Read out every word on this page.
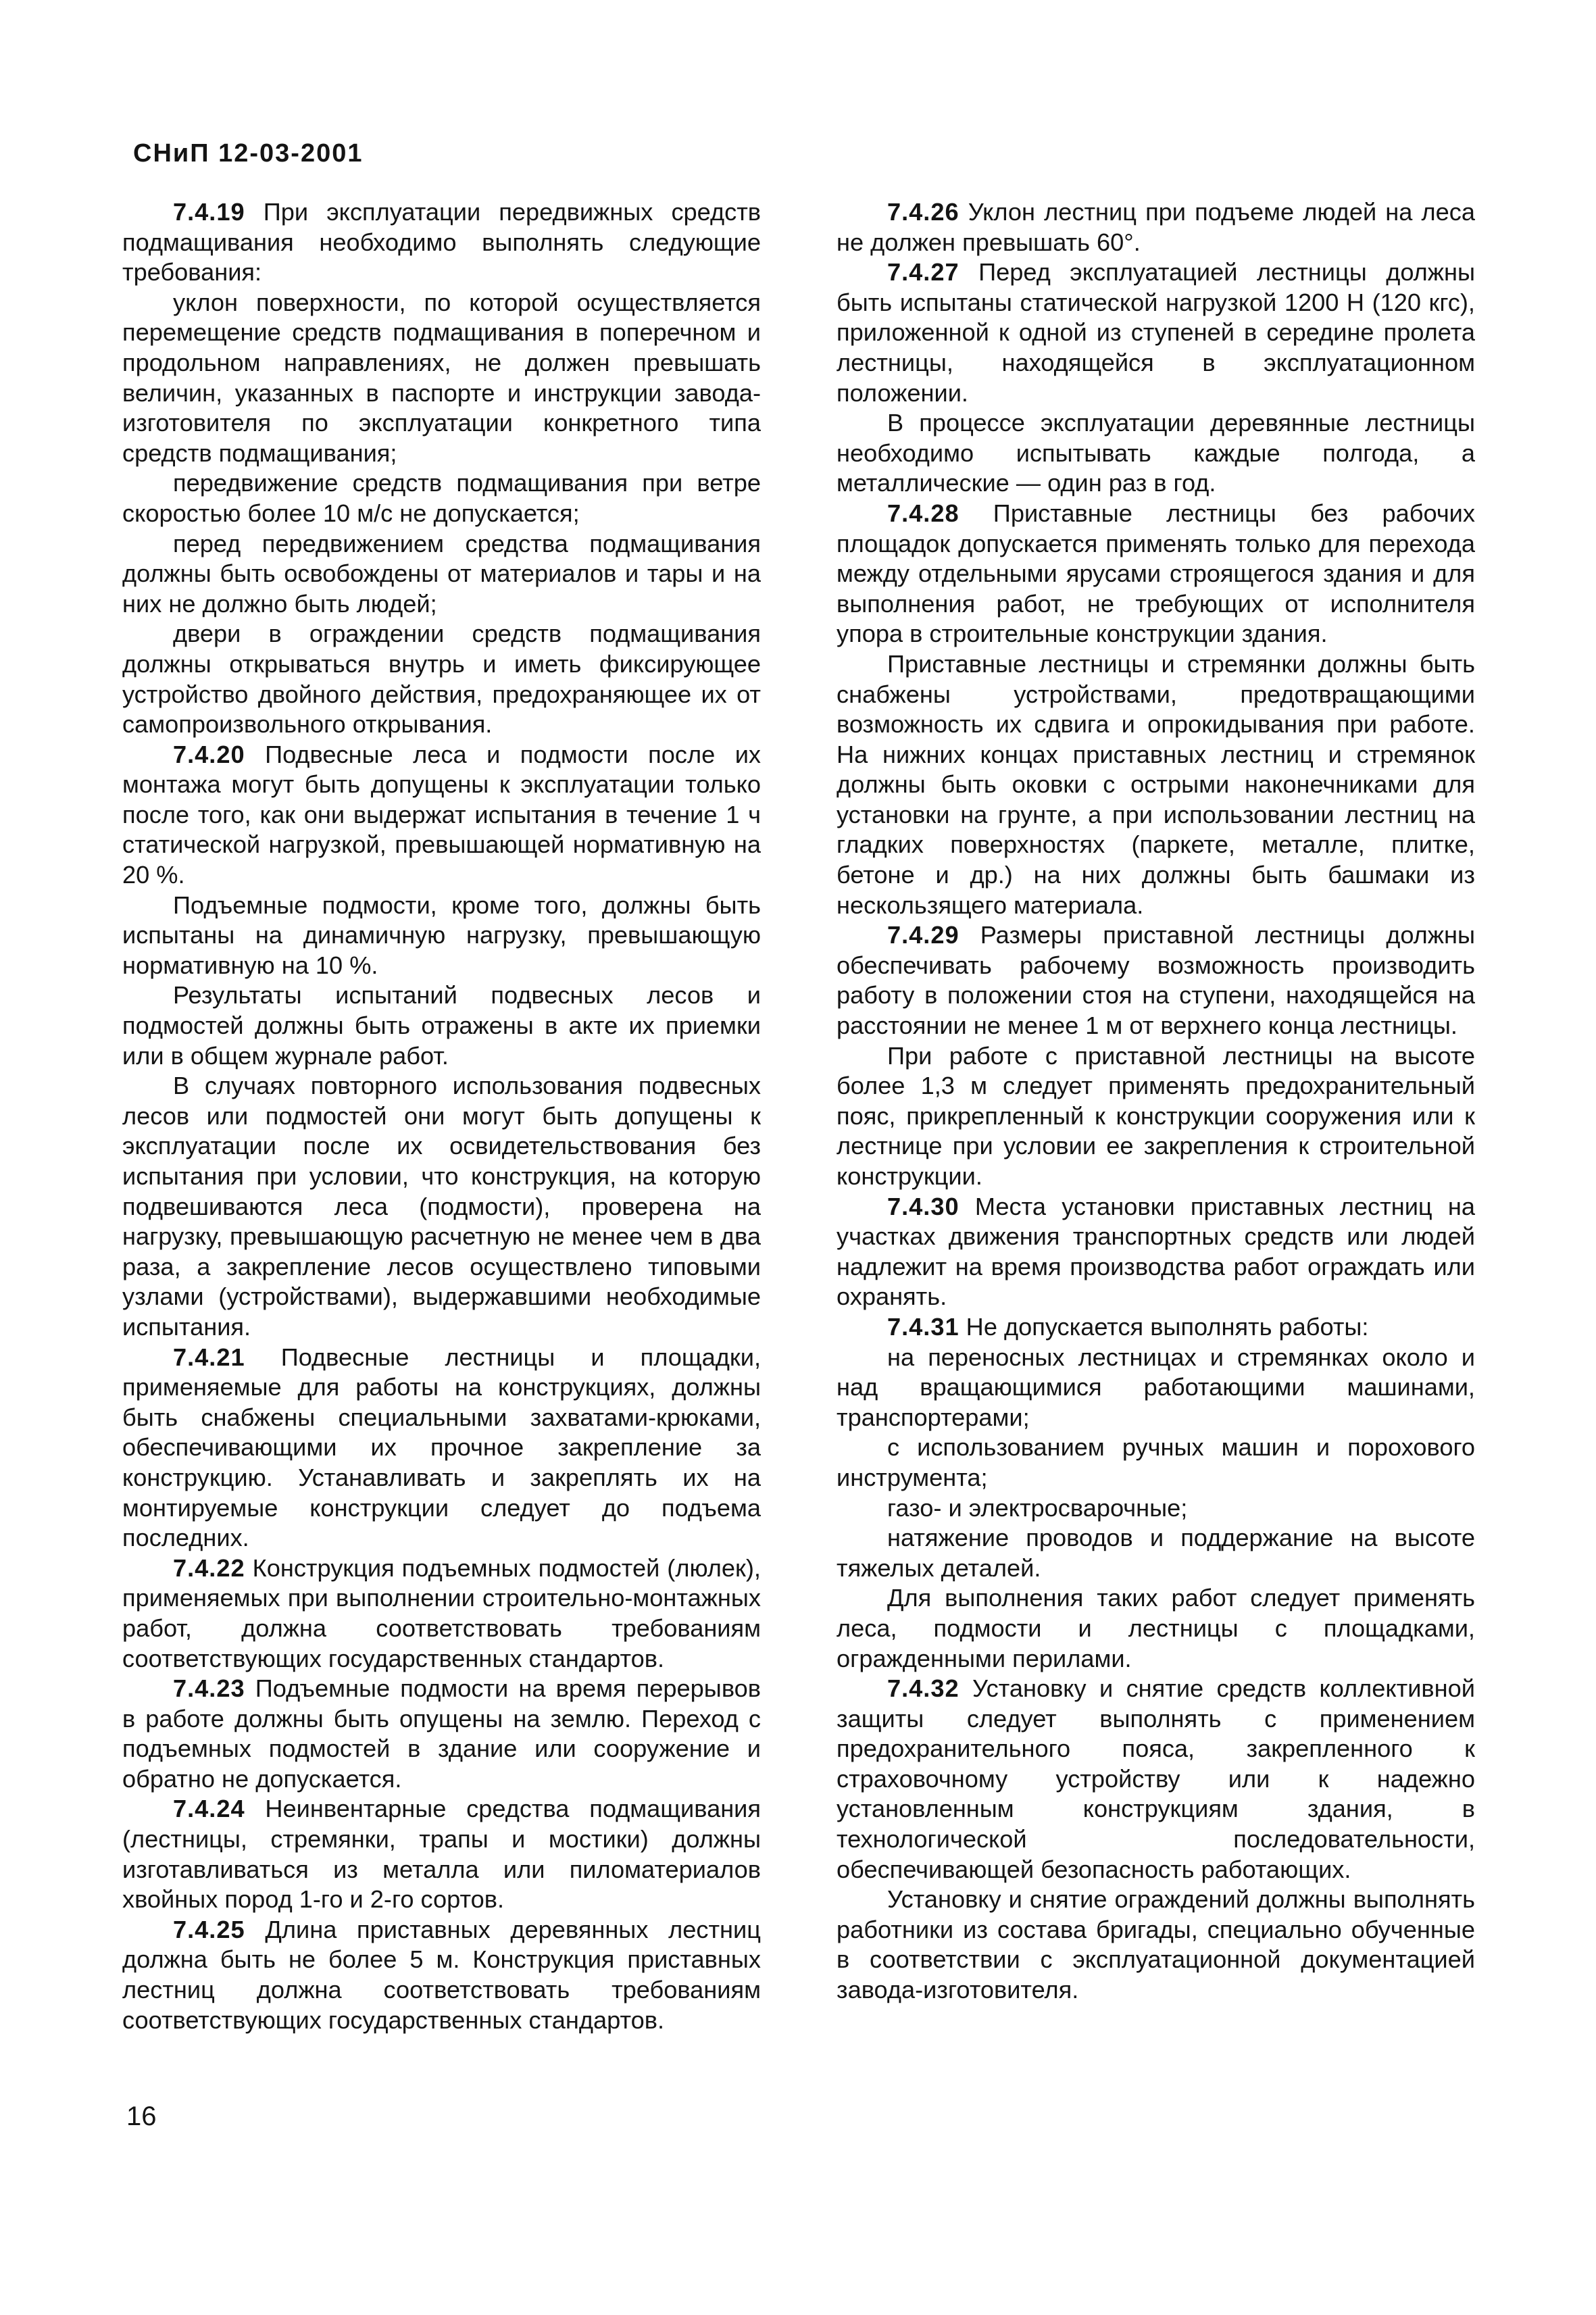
СНиП 12-03-2001

7.4.19 При эксплуатации передвижных средств подмащивания необходимо выполнять следующие требования:

уклон поверхности, по которой осуществляется перемещение средств подмащивания в поперечном и продольном направлениях, не должен превышать величин, указанных в паспорте и инструкции завода-изготовителя по эксплуатации конкретного типа средств подмащивания;

передвижение средств подмащивания при ветре скоростью более 10 м/с не допускается;

перед передвижением средства подмащивания должны быть освобождены от материалов и тары и на них не должно быть людей;

двери в ограждении средств подмащивания должны открываться внутрь и иметь фиксирующее устройство двойного действия, предохраняющее их от самопроизвольного открывания.

7.4.20 Подвесные леса и подмости после их монтажа могут быть допущены к эксплуатации только после того, как они выдержат испытания в течение 1 ч статической нагрузкой, превышающей нормативную на 20 %.

Подъемные подмости, кроме того, должны быть испытаны на динамичную нагрузку, превышающую нормативную на 10 %.

Результаты испытаний подвесных лесов и подмостей должны быть отражены в акте их приемки или в общем журнале работ.

В случаях повторного использования подвесных лесов или подмостей они могут быть допущены к эксплуатации после их освидетельствования без испытания при условии, что конструкция, на которую подвешиваются леса (подмости), проверена на нагрузку, превышающую расчетную не менее чем в два раза, а закрепление лесов осуществлено типовыми узлами (устройствами), выдержавшими необходимые испытания.

7.4.21 Подвесные лестницы и площадки, применяемые для работы на конструкциях, должны быть снабжены специальными захватами-крюками, обеспечивающими их прочное закрепление за конструкцию. Устанавливать и закреплять их на монтируемые конструкции следует до подъема последних.

7.4.22 Конструкция подъемных подмостей (люлек), применяемых при выполнении строительно-монтажных работ, должна соответствовать требованиям соответствующих государственных стандартов.

7.4.23 Подъемные подмости на время перерывов в работе должны быть опущены на землю. Переход с подъемных подмостей в здание или сооружение и обратно не допускается.

7.4.24 Неинвентарные средства подмащивания (лестницы, стремянки, трапы и мостики) должны изготавливаться из металла или пиломатериалов хвойных пород 1-го и 2-го сортов.

7.4.25 Длина приставных деревянных лестниц должна быть не более 5 м. Конструкция приставных лестниц должна соответствовать требованиям соответствующих государственных стандартов.

7.4.26 Уклон лестниц при подъеме людей на леса не должен превышать 60°.

7.4.27 Перед эксплуатацией лестницы должны быть испытаны статической нагрузкой 1200 Н (120 кгс), приложенной к одной из ступеней в середине пролета лестницы, находящейся в эксплуатационном положении.

В процессе эксплуатации деревянные лестницы необходимо испытывать каждые полгода, а металлические — один раз в год.

7.4.28 Приставные лестницы без рабочих площадок допускается применять только для перехода между отдельными ярусами строящегося здания и для выполнения работ, не требующих от исполнителя упора в строительные конструкции здания.

Приставные лестницы и стремянки должны быть снабжены устройствами, предотвращающими возможность их сдвига и опрокидывания при работе. На нижних концах приставных лестниц и стремянок должны быть оковки с острыми наконечниками для установки на грунте, а при использовании лестниц на гладких поверхностях (паркете, металле, плитке, бетоне и др.) на них должны быть башмаки из нескользящего материала.

7.4.29 Размеры приставной лестницы должны обеспечивать рабочему возможность производить работу в положении стоя на ступени, находящейся на расстоянии не менее 1 м от верхнего конца лестницы.

При работе с приставной лестницы на высоте более 1,3 м следует применять предохранительный пояс, прикрепленный к конструкции сооружения или к лестнице при условии ее закрепления к строительной конструкции.

7.4.30 Места установки приставных лестниц на участках движения транспортных средств или людей надлежит на время производства работ ограждать или охранять.

7.4.31 Не допускается выполнять работы:

на переносных лестницах и стремянках около и над вращающимися работающими машинами, транспортерами;

с использованием ручных машин и порохового инструмента;

газо- и электросварочные;

натяжение проводов и поддержание на высоте тяжелых деталей.

Для выполнения таких работ следует применять леса, подмости и лестницы с площадками, огражденными перилами.

7.4.32 Установку и снятие средств коллективной защиты следует выполнять с применением предохранительного пояса, закрепленного к страховочному устройству или к надежно установленным конструкциям здания, в технологической последовательности, обеспечивающей безопасность работающих.

Установку и снятие ограждений должны выполнять работники из состава бригады, специально обученные в соответствии с эксплуатационной документацией завода-изготовителя.

16
